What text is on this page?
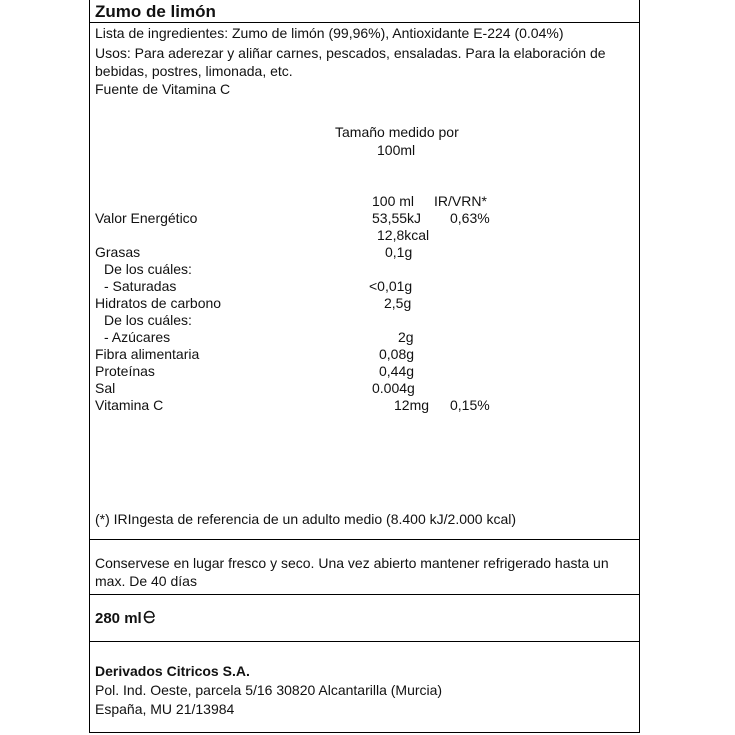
Zumo de limón
Lista de ingredientes: Zumo de limón (99,96%), Antioxidante E-224 (0.04%)
Usos: Para aderezar y aliñar carnes, pescados, ensaladas. Para la elaboración de
bebidas, postres, limonada, etc.
Fuente de Vitamina C
Tamaño medido por
100ml
100 ml IR/VRN*
Valor Energético	53,55kJ 0,63%
12,8kcal
Grasas	0,1g
De los cuáles:
- Saturadas	<0,01g
Hidratos de carbono	2,5g
De los cuáles:
- Azúcares	2g
Fibra alimentaria	0,08g
Proteínas	0,44g
Sal	0.004g
Vitamina C	12mg 0,15%
(*) IRIngesta de referencia de un adulto medio (8.400 kJ/2.000 kcal)
Conservese en lugar fresco y seco. Una vez abierto mantener refrigerado hasta un
max. De 40 días
280 ml
Derivados Citricos S.A.
Pol. Ind. Oeste, parcela 5/16 30820 Alcantarilla (Murcia)
España, MU 21/13984
